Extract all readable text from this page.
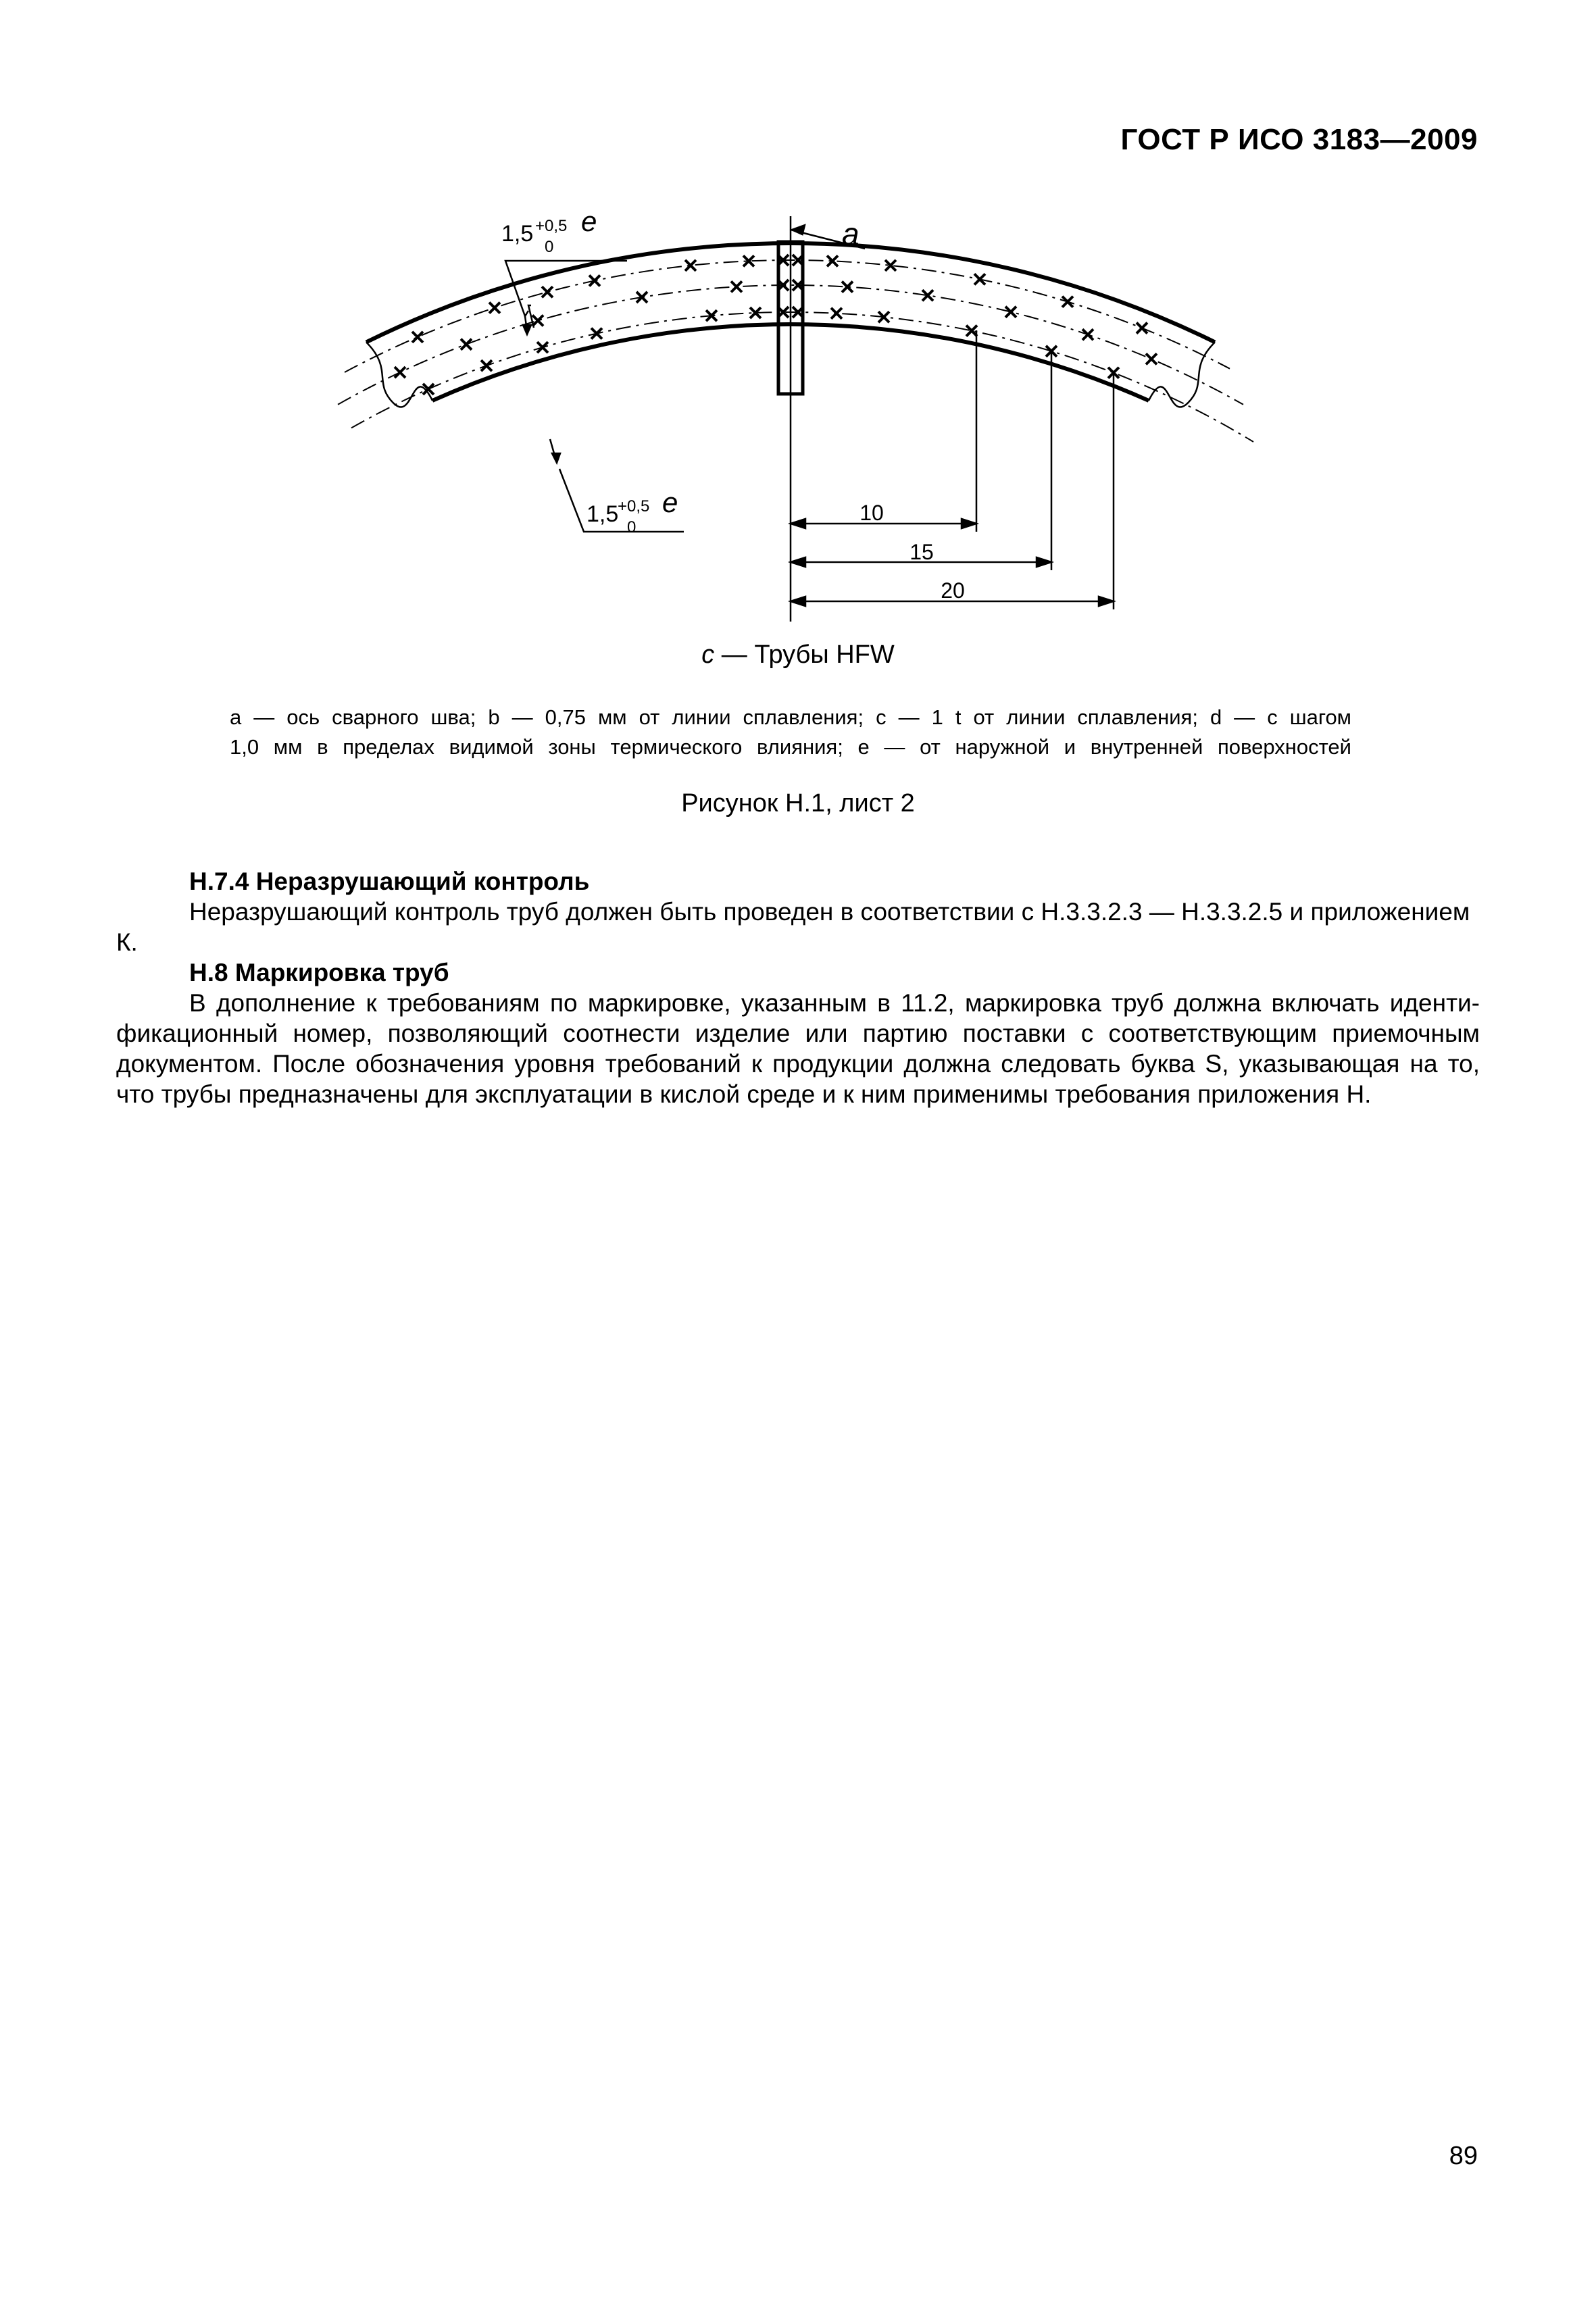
ГОСТ Р ИСО 3183—2009
1,5 +0,5
0
e
1,5
+0,5
0
e
a
10
15
20
c — Трубы HFW
a — ось сварного шва; b — 0,75 мм от линии сплавления; c — 1 t от линии сплавления; d — с шагом
1,0 мм в пределах видимой зоны термического влияния; e — от наружной и внутренней поверхностей
Рисунок Н.1, лист 2

Н.7.4 Неразрушающий контроль

Неразрушающий контроль труб должен быть проведен в соответствии с Н.3.3.2.3 — Н.3.3.2.5 и приложением К.

Н.8 Маркировка труб

В дополнение к требованиям по маркировке, указанным в 11.2, маркировка труб должна включать иденти-

фикационный номер, позволяющий соотнести изделие или партию поставки с соответствующим приемочным

документом. После обозначения уровня требований к продукции должна следовать буква S, указывающая на то,

что трубы предназначены для эксплуатации в кислой среде и к ним применимы требования приложения Н.

89
